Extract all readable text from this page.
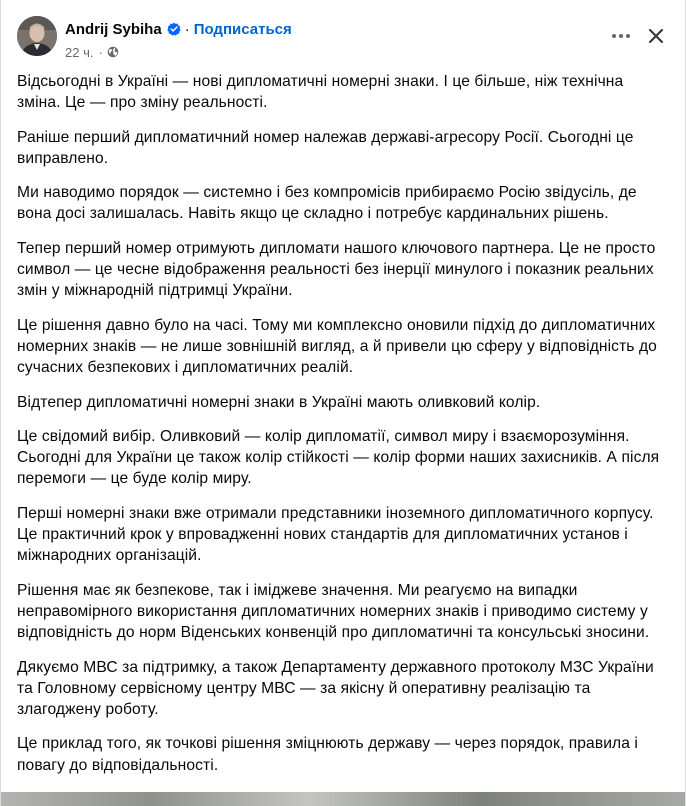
Andrij Sybiha · Подписаться
22 ч. ·

Відсьогодні в Україні — нові дипломатичні номерні знаки. І це більше, ніж технічна зміна. Це — про зміну реальності.

Раніше перший дипломатичний номер належав державі-агресору Росії. Сьогодні це виправлено.

Ми наводимо порядок — системно і без компромісів прибираємо Росію звідусіль, де вона досі залишалась. Навіть якщо це складно і потребує кардинальних рішень.

Тепер перший номер отримують дипломати нашого ключового партнера. Це не просто символ — це чесне відображення реальності без інерції минулого і показник реальних змін у міжнародній підтримці України.

Це рішення давно було на часі. Тому ми комплексно оновили підхід до дипломатичних номерних знаків — не лише зовнішній вигляд, а й привели цю сферу у відповідність до сучасних безпекових і дипломатичних реалій.

Відтепер дипломатичні номерні знаки в Україні мають оливковий колір.

Це свідомий вибір. Оливковий — колір дипломатії, символ миру і взаєморозуміння. Сьогодні для України це також колір стійкості — колір форми наших захисників. А після перемоги — це буде колір миру.

Перші номерні знаки вже отримали представники іноземного дипломатичного корпусу. Це практичний крок у впровадженні нових стандартів для дипломатичних установ і міжнародних організацій.

Рішення має як безпекове, так і іміджеве значення. Ми реагуємо на випадки неправомірного використання дипломатичних номерних знаків і приводимо систему у відповідність до норм Віденських конвенцій про дипломатичні та консульські зносини.

Дякуємо МВС за підтримку, а також Департаменту державного протоколу МЗС України та Головному сервісному центру МВС — за якісну й оперативну реалізацію та злагоджену роботу.

Це приклад того, як точкові рішення зміцнюють державу — через порядок, правила і повагу до відповідальності.
